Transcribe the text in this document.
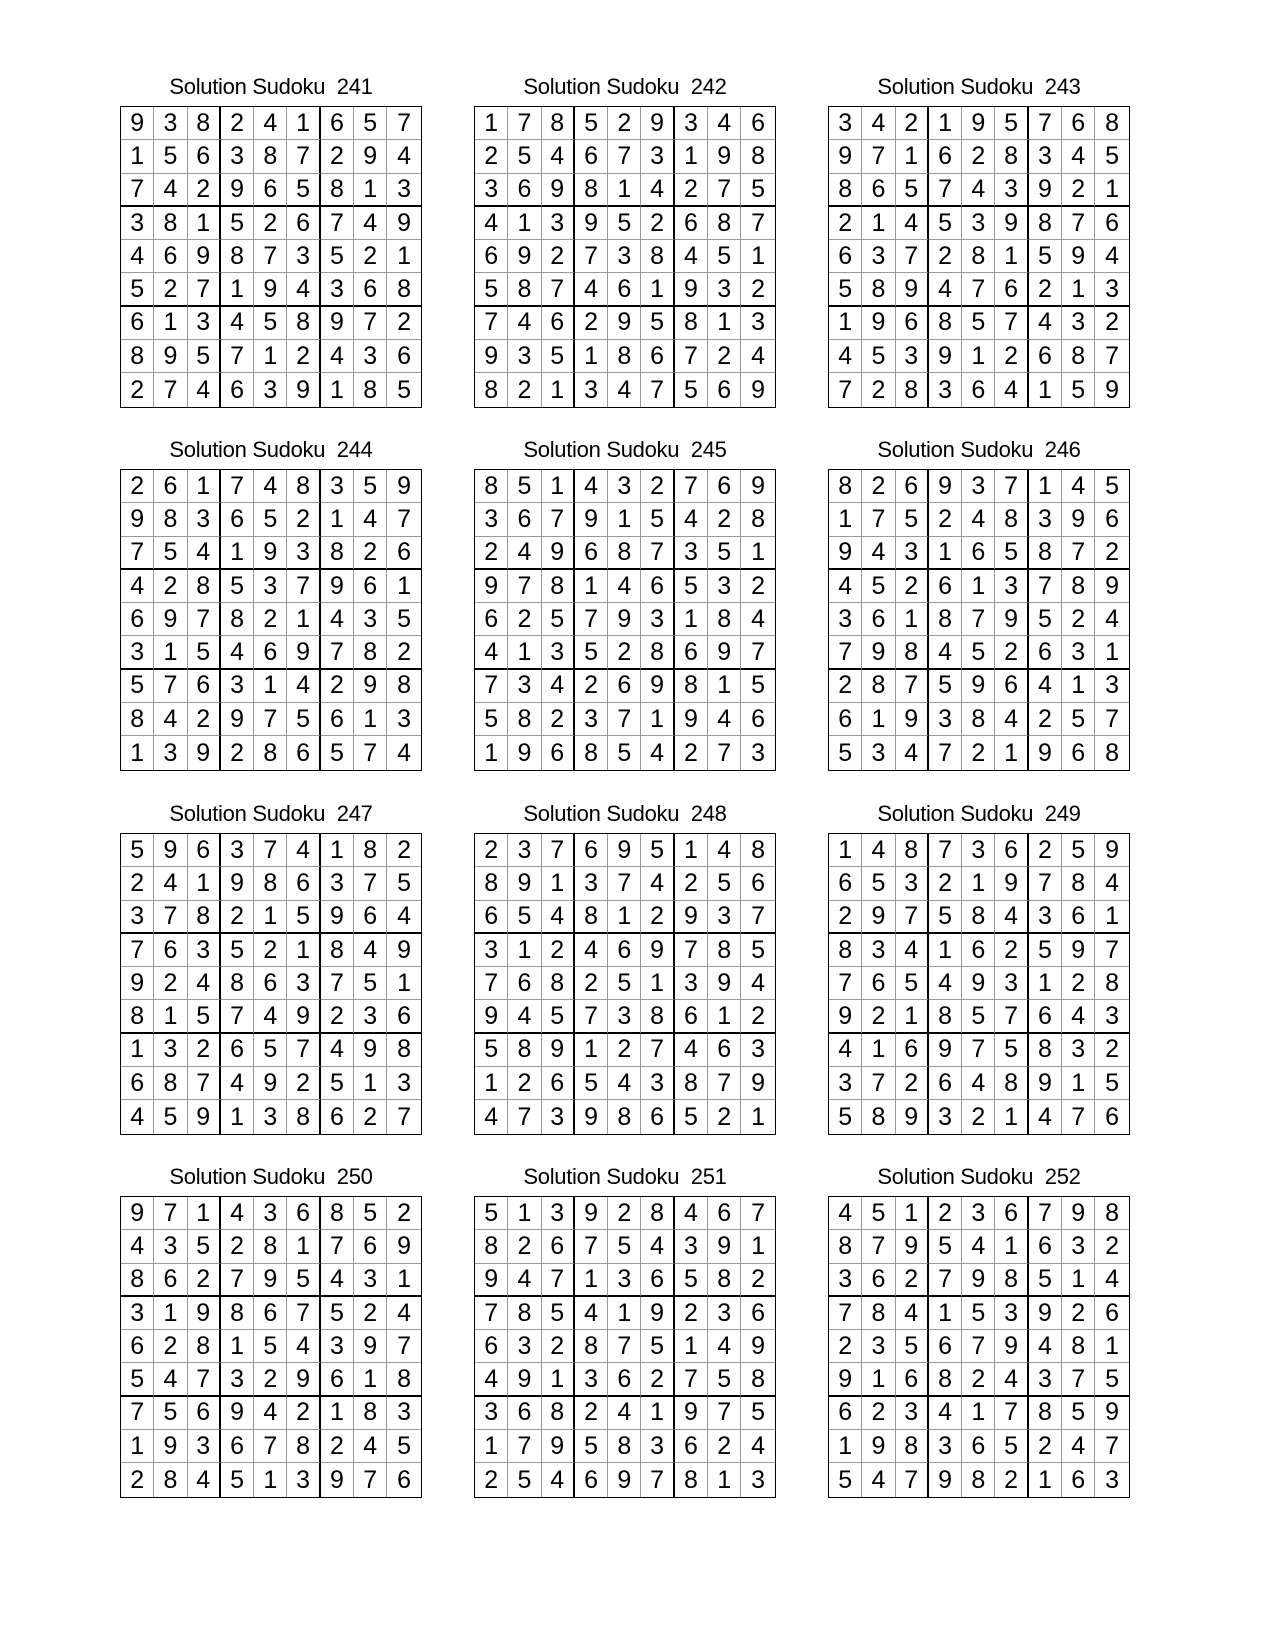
Solution Sudoku  241
9 3 8 2 4 1 6 5 7
1 5 6 3 8 7 2 9 4
7 4 2 9 6 5 8 1 3
3 8 1 5 2 6 7 4 9
4 6 9 8 7 3 5 2 1
5 2 7 1 9 4 3 6 8
6 1 3 4 5 8 9 7 2
8 9 5 7 1 2 4 3 6
2 7 4 6 3 9 1 8 5
Solution Sudoku  242
1 7 8 5 2 9 3 4 6
2 5 4 6 7 3 1 9 8
3 6 9 8 1 4 2 7 5
4 1 3 9 5 2 6 8 7
6 9 2 7 3 8 4 5 1
5 8 7 4 6 1 9 3 2
7 4 6 2 9 5 8 1 3
9 3 5 1 8 6 7 2 4
8 2 1 3 4 7 5 6 9
Solution Sudoku  243
3 4 2 1 9 5 7 6 8
9 7 1 6 2 8 3 4 5
8 6 5 7 4 3 9 2 1
2 1 4 5 3 9 8 7 6
6 3 7 2 8 1 5 9 4
5 8 9 4 7 6 2 1 3
1 9 6 8 5 7 4 3 2
4 5 3 9 1 2 6 8 7
7 2 8 3 6 4 1 5 9
Solution Sudoku  244
2 6 1 7 4 8 3 5 9
9 8 3 6 5 2 1 4 7
7 5 4 1 9 3 8 2 6
4 2 8 5 3 7 9 6 1
6 9 7 8 2 1 4 3 5
3 1 5 4 6 9 7 8 2
5 7 6 3 1 4 2 9 8
8 4 2 9 7 5 6 1 3
1 3 9 2 8 6 5 7 4
Solution Sudoku  245
8 5 1 4 3 2 7 6 9
3 6 7 9 1 5 4 2 8
2 4 9 6 8 7 3 5 1
9 7 8 1 4 6 5 3 2
6 2 5 7 9 3 1 8 4
4 1 3 5 2 8 6 9 7
7 3 4 2 6 9 8 1 5
5 8 2 3 7 1 9 4 6
1 9 6 8 5 4 2 7 3
Solution Sudoku  246
8 2 6 9 3 7 1 4 5
1 7 5 2 4 8 3 9 6
9 4 3 1 6 5 8 7 2
4 5 2 6 1 3 7 8 9
3 6 1 8 7 9 5 2 4
7 9 8 4 5 2 6 3 1
2 8 7 5 9 6 4 1 3
6 1 9 3 8 4 2 5 7
5 3 4 7 2 1 9 6 8
Solution Sudoku  247
5 9 6 3 7 4 1 8 2
2 4 1 9 8 6 3 7 5
3 7 8 2 1 5 9 6 4
7 6 3 5 2 1 8 4 9
9 2 4 8 6 3 7 5 1
8 1 5 7 4 9 2 3 6
1 3 2 6 5 7 4 9 8
6 8 7 4 9 2 5 1 3
4 5 9 1 3 8 6 2 7
Solution Sudoku  248
2 3 7 6 9 5 1 4 8
8 9 1 3 7 4 2 5 6
6 5 4 8 1 2 9 3 7
3 1 2 4 6 9 7 8 5
7 6 8 2 5 1 3 9 4
9 4 5 7 3 8 6 1 2
5 8 9 1 2 7 4 6 3
1 2 6 5 4 3 8 7 9
4 7 3 9 8 6 5 2 1
Solution Sudoku  249
1 4 8 7 3 6 2 5 9
6 5 3 2 1 9 7 8 4
2 9 7 5 8 4 3 6 1
8 3 4 1 6 2 5 9 7
7 6 5 4 9 3 1 2 8
9 2 1 8 5 7 6 4 3
4 1 6 9 7 5 8 3 2
3 7 2 6 4 8 9 1 5
5 8 9 3 2 1 4 7 6
Solution Sudoku  250
9 7 1 4 3 6 8 5 2
4 3 5 2 8 1 7 6 9
8 6 2 7 9 5 4 3 1
3 1 9 8 6 7 5 2 4
6 2 8 1 5 4 3 9 7
5 4 7 3 2 9 6 1 8
7 5 6 9 4 2 1 8 3
1 9 3 6 7 8 2 4 5
2 8 4 5 1 3 9 7 6
Solution Sudoku  251
5 1 3 9 2 8 4 6 7
8 2 6 7 5 4 3 9 1
9 4 7 1 3 6 5 8 2
7 8 5 4 1 9 2 3 6
6 3 2 8 7 5 1 4 9
4 9 1 3 6 2 7 5 8
3 6 8 2 4 1 9 7 5
1 7 9 5 8 3 6 2 4
2 5 4 6 9 7 8 1 3
Solution Sudoku  252
4 5 1 2 3 6 7 9 8
8 7 9 5 4 1 6 3 2
3 6 2 7 9 8 5 1 4
7 8 4 1 5 3 9 2 6
2 3 5 6 7 9 4 8 1
9 1 6 8 2 4 3 7 5
6 2 3 4 1 7 8 5 9
1 9 8 3 6 5 2 4 7
5 4 7 9 8 2 1 6 3
